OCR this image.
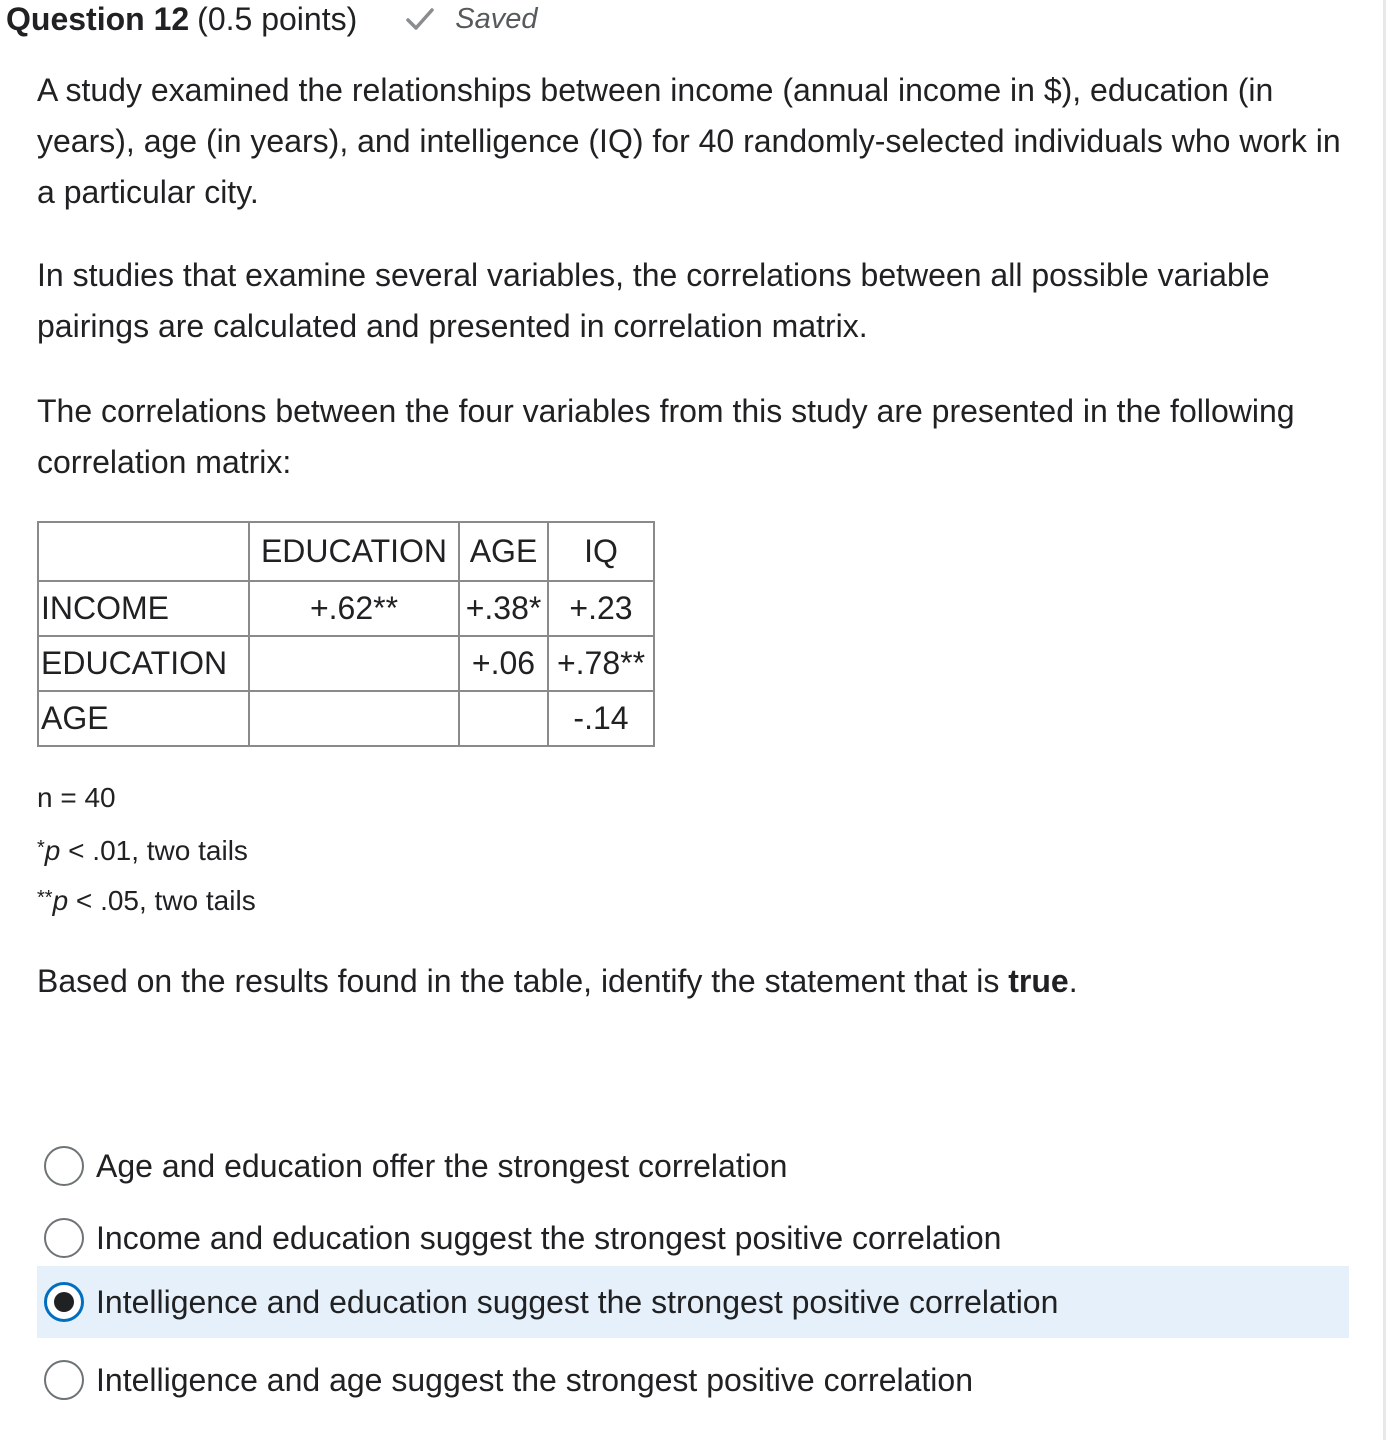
Question 12 (0.5 points)	Saved

A study examined the relationships between income (annual income in $), education (in years), age (in years), and intelligence (IQ) for 40 randomly-selected individuals who work in a particular city.

In studies that examine several variables, the correlations between all possible variable pairings are calculated and presented in correlation matrix.

The correlations between the four variables from this study are presented in the following correlation matrix:

	EDUCATION	AGE	IQ
INCOME	+.62**	+.38*	+.23
EDUCATION		+.06	+.78**
AGE			-.14
n = 40
*p < .01, two tails
**p < .05, two tails
Based on the results found in the table, identify the statement that is true.
Age and education offer the strongest correlation
Income and education suggest the strongest positive correlation
Intelligence and education suggest the strongest positive correlation
Intelligence and age suggest the strongest positive correlation
